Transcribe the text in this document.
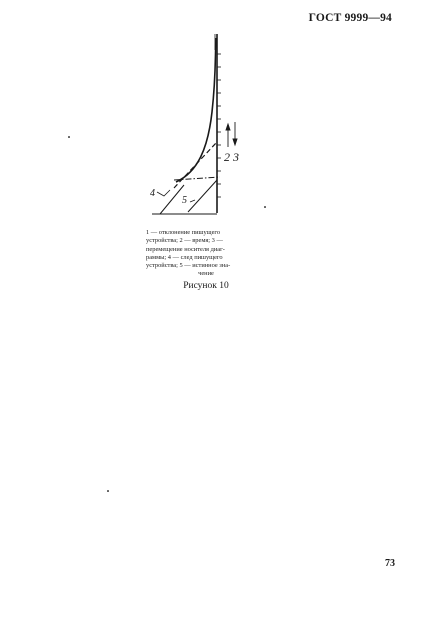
ГОСТ 9999—94
2 3
4
5
1 — отклонение пишущего
устройства; 2 — время; 3 —
перемещение носителя диаг-
раммы; 4 — след пишущего
устройства; 5 — истинное зна-
чение
Рисунок 10
73
